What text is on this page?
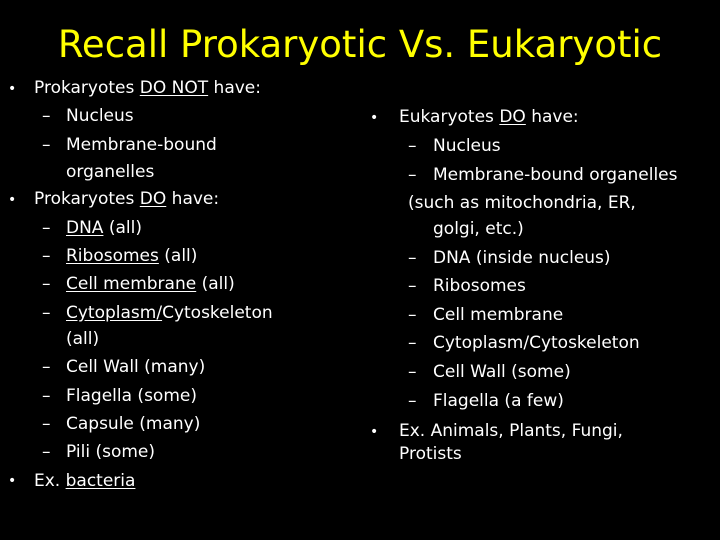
Recall Prokaryotic Vs. Eukaryotic
• Prokaryotes DO NOT have:
– Nucleus
– Membrane-bound
organelles
• Prokaryotes DO have:
– DNA (all)
– Ribosomes (all)
– Cell membrane (all)
– Cytoplasm/Cytoskeleton
(all)
– Cell Wall (many)
– Flagella (some)
– Capsule (many)
– Pili (some)
• Ex. bacteria
• Eukaryotes DO have:
– Nucleus
– Membrane-bound organelles
(such as mitochondria, ER,
golgi, etc.)
– DNA (inside nucleus)
– Ribosomes
– Cell membrane
– Cytoplasm/Cytoskeleton
– Cell Wall (some)
– Flagella (a few)
• Ex. Animals, Plants, Fungi,
Protists
